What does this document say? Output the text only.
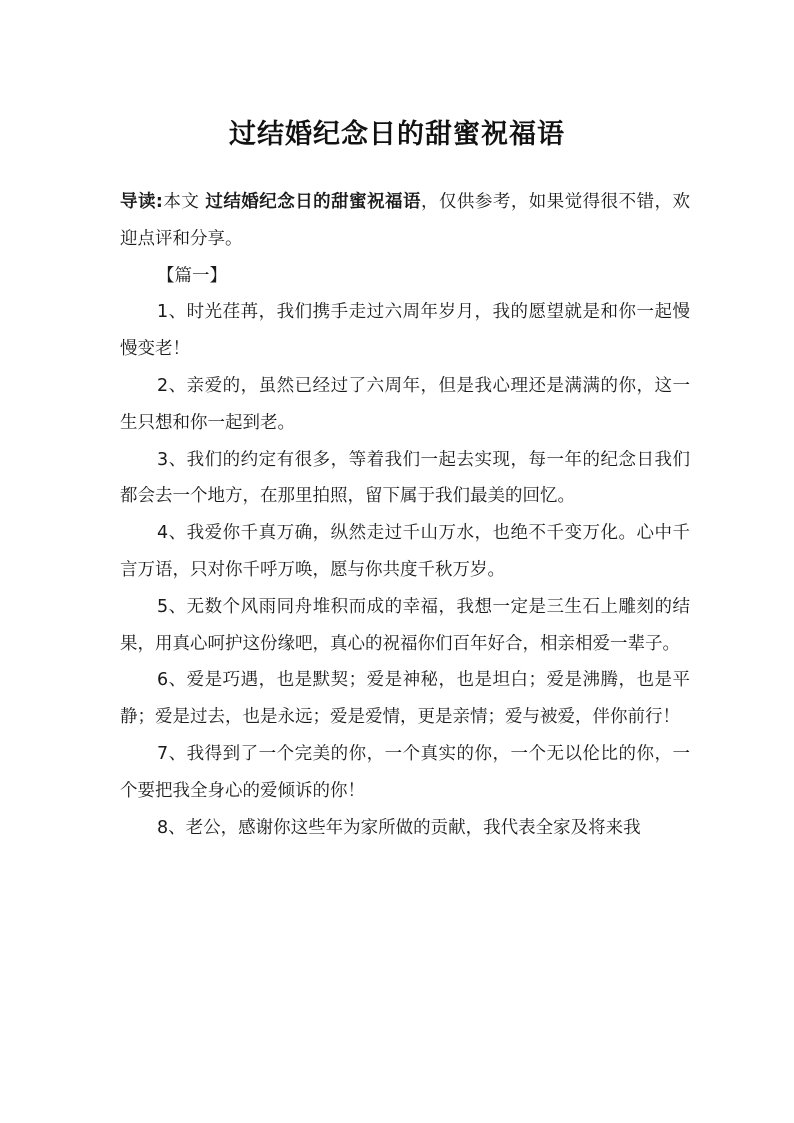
过结婚纪念日的甜蜜祝福语

导读:本文 过结婚纪念日的甜蜜祝福语，仅供参考，如果觉得很不错，欢迎点评和分享。

【篇一】

1、时光荏苒，我们携手走过六周年岁月，我的愿望就是和你一起慢慢变老！

2、亲爱的，虽然已经过了六周年，但是我心理还是满满的你，这一生只想和你一起到老。

3、我们的约定有很多，等着我们一起去实现，每一年的纪念日我们都会去一个地方，在那里拍照，留下属于我们最美的回忆。

4、我爱你千真万确，纵然走过千山万水，也绝不千变万化。心中千言万语，只对你千呼万唤，愿与你共度千秋万岁。

5、无数个风雨同舟堆积而成的幸福，我想一定是三生石上雕刻的结果，用真心呵护这份缘吧，真心的祝福你们百年好合，相亲相爱一辈子。

6、爱是巧遇，也是默契；爱是神秘，也是坦白；爱是沸腾，也是平静；爱是过去，也是永远；爱是爱情，更是亲情；爱与被爱，伴你前行！

7、我得到了一个完美的你，一个真实的你，一个无以伦比的你，一个要把我全身心的爱倾诉的你！

8、老公，感谢你这些年为家所做的贡献，我代表全家及将来我
